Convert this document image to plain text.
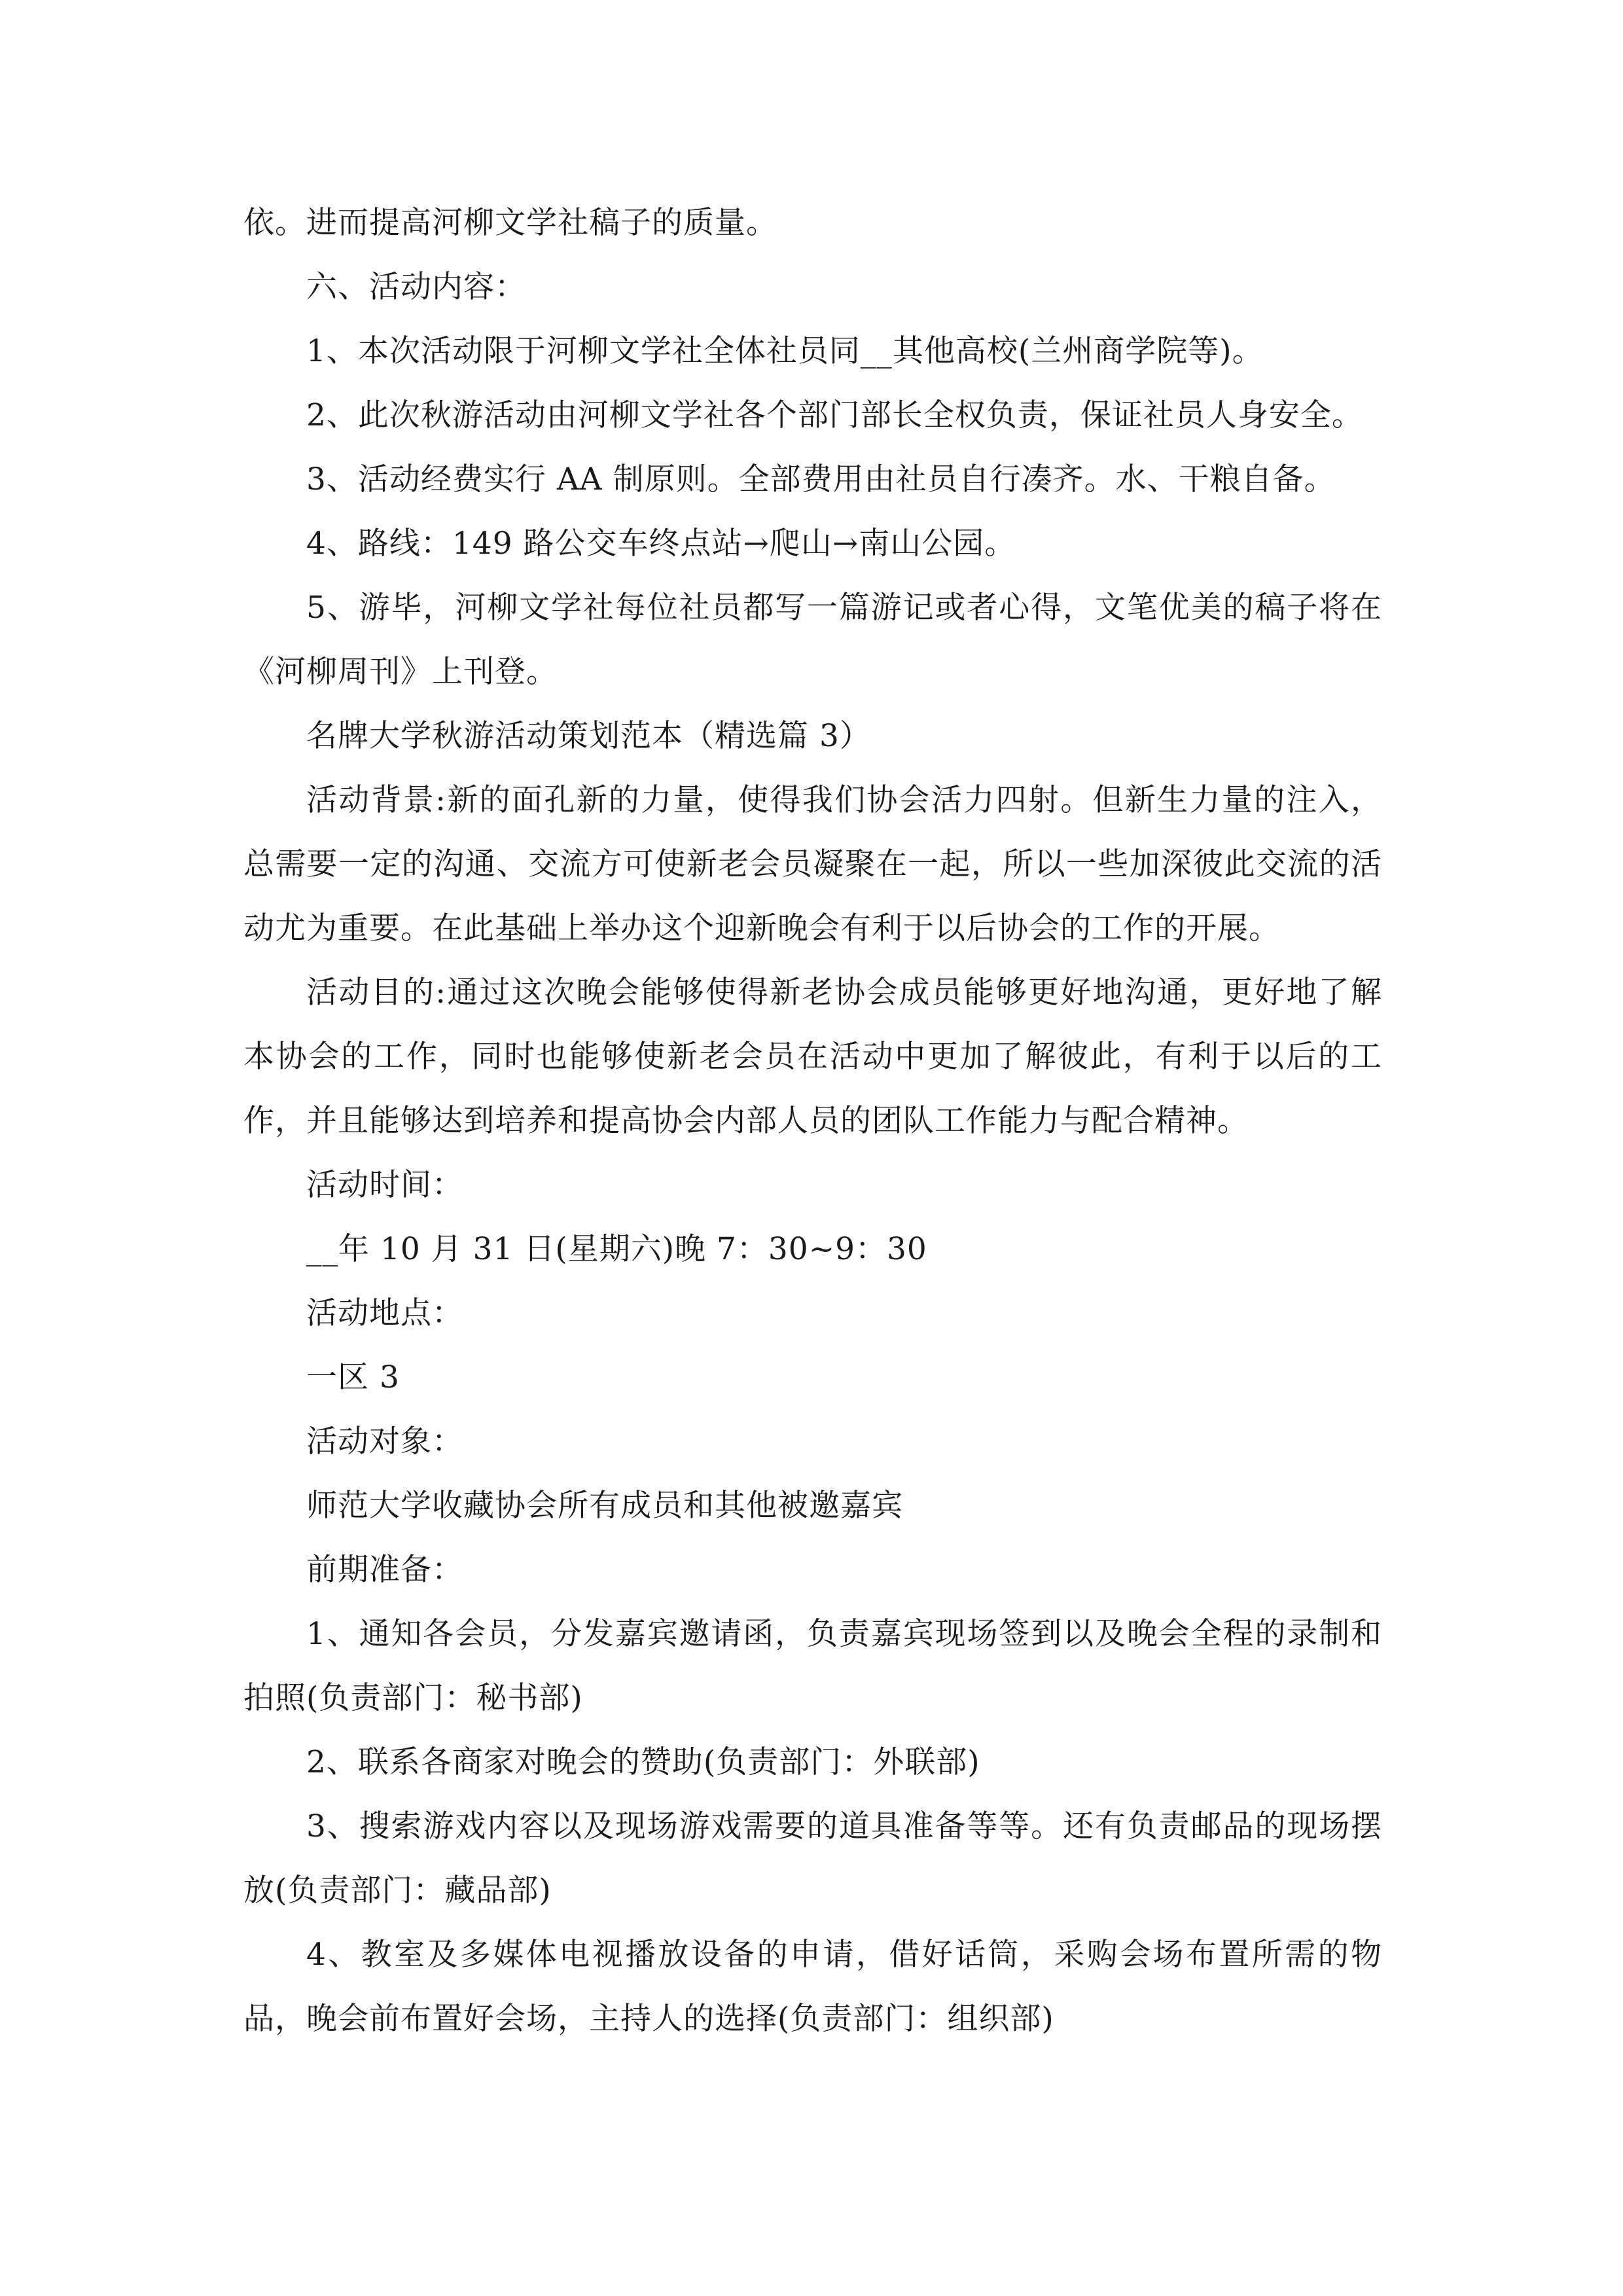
依。进而提高河柳文学社稿子的质量。

六、活动内容：

1、本次活动限于河柳文学社全体社员同__其他高校(兰州商学院等)。

2、此次秋游活动由河柳文学社各个部门部长全权负责，保证社员人身安全。

3、活动经费实行 AA 制原则。全部费用由社员自行凑齐。水、干粮自备。

4、路线：149 路公交车终点站→爬山→南山公园。

5、游毕，河柳文学社每位社员都写一篇游记或者心得，文笔优美的稿子将在《河柳周刊》上刊登。

名牌大学秋游活动策划范本（精选篇 3）

活动背景:新的面孔新的力量，使得我们协会活力四射。但新生力量的注入，总需要一定的沟通、交流方可使新老会员凝聚在一起，所以一些加深彼此交流的活动尤为重要。在此基础上举办这个迎新晚会有利于以后协会的工作的开展。

活动目的:通过这次晚会能够使得新老协会成员能够更好地沟通，更好地了解本协会的工作，同时也能够使新老会员在活动中更加了解彼此，有利于以后的工作，并且能够达到培养和提高协会内部人员的团队工作能力与配合精神。

活动时间：

__年 10 月 31 日(星期六)晚 7：30~9：30

活动地点：

一区 3

活动对象：

师范大学收藏协会所有成员和其他被邀嘉宾

前期准备：

1、通知各会员，分发嘉宾邀请函，负责嘉宾现场签到以及晚会全程的录制和拍照(负责部门：秘书部)

2、联系各商家对晚会的赞助(负责部门：外联部)

3、搜索游戏内容以及现场游戏需要的道具准备等等。还有负责邮品的现场摆放(负责部门：藏品部)

4、教室及多媒体电视播放设备的申请，借好话筒，采购会场布置所需的物品，晚会前布置好会场，主持人的选择(负责部门：组织部)
